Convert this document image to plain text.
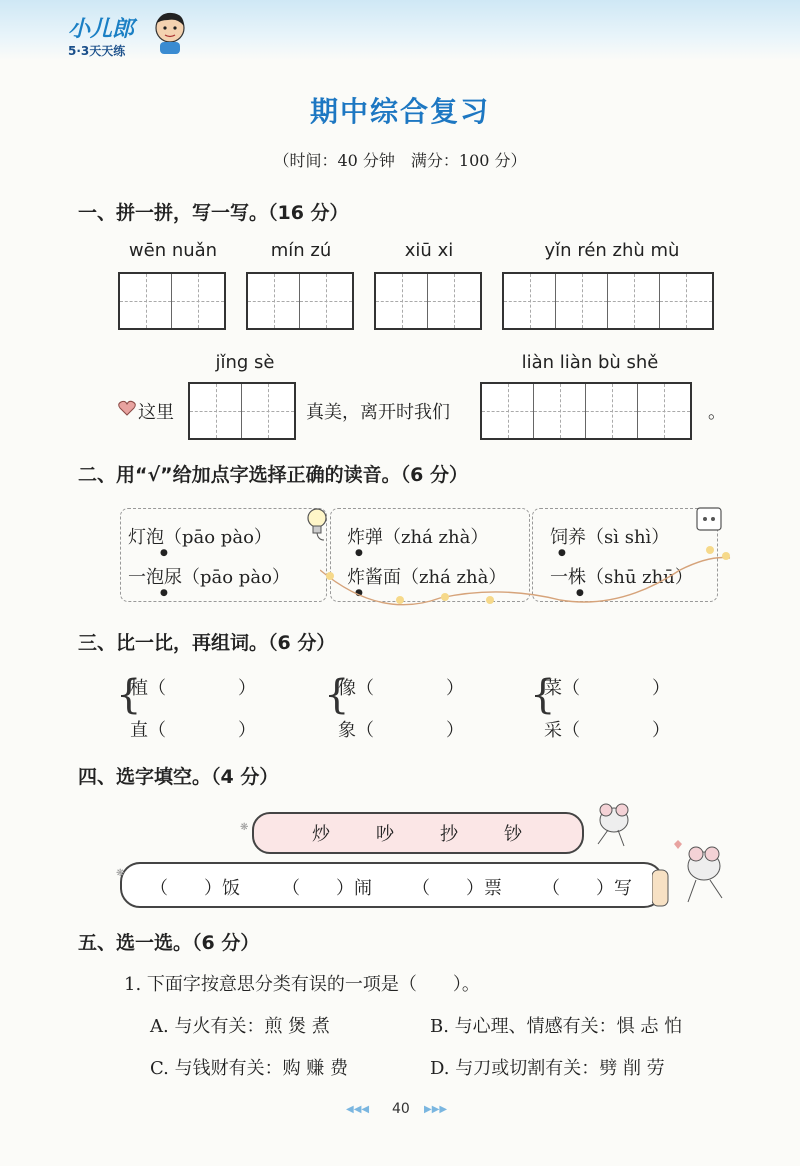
小儿郎
5·3天天练
期中综合复习
（时间：40 分钟　满分：100 分）
一、拼一拼，写一写。（16 分）
wēn nuǎn	mín zú	xiū xi	yǐn rén zhù mù
jǐng sè	liàn liàn bù shě
这里	真美，离开时我们	。
二、用“√”给加点字选择正确的读音。（6 分）
灯泡（pāo pào）
一泡尿（pāo pào）
炸弹（zhá zhà）
炸酱面（zhá zhà）
饲养（sì shì）
一株（shū zhū）
●
●
●
●
●
●
三、比一比，再组词。（6 分）
{	{	{
植（　　　　）
直（　　　　）
像（　　　　）
象（　　　　）
菜（　　　　）
采（　　　　）
四、选字填空。（4 分）
❋	炒	吵	抄	钞
❋
（　　）饭 （　　）闹 （　　）票 （　　）写
五、选一选。（6 分）
1. 下面字按意思分类有误的一项是（　　）。
A. 与火有关：煎 煲 煮	B. 与心理、情感有关：惧 忐 怕
C. 与钱财有关：购 赚 费	D. 与刀或切割有关：劈 削 劳
◀◀◀ 40 ▶▶▶
